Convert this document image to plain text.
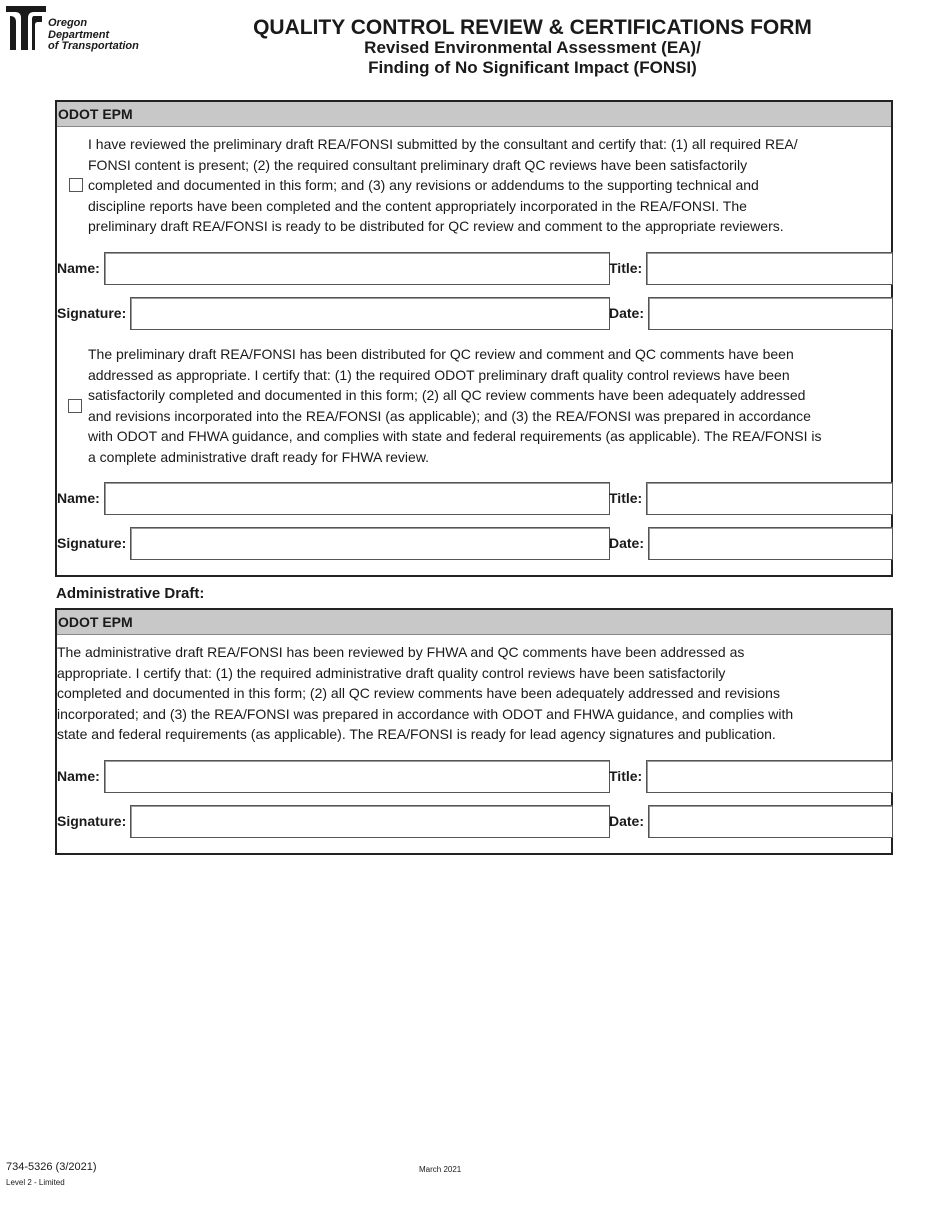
Oregon
Department
of Transportation
QUALITY CONTROL REVIEW & CERTIFICATIONS FORM
Revised Environmental Assessment (EA)/
Finding of No Significant Impact (FONSI)
ODOT EPM
I have reviewed the preliminary draft REA/FONSI submitted by the consultant and certify that: (1) all required REA/
FONSI content is present; (2) the required consultant preliminary draft QC reviews have been satisfactorily
completed and documented in this form; and (3) any revisions or addendums to the supporting technical and
discipline reports have been completed and the content appropriately incorporated in the REA/FONSI. The
preliminary draft REA/FONSI is ready to be distributed for QC review and comment to the appropriate reviewers.
Name:	Title:
Signature:	Date:
The preliminary draft REA/FONSI has been distributed for QC review and comment and QC comments have been
addressed as appropriate. I certify that: (1) the required ODOT preliminary draft quality control reviews have been
satisfactorily completed and documented in this form; (2) all QC review comments have been adequately addressed
and revisions incorporated into the REA/FONSI (as applicable); and (3) the REA/FONSI was prepared in accordance
with ODOT and FHWA guidance, and complies with state and federal requirements (as applicable). The REA/FONSI is
a complete administrative draft ready for FHWA review.
Name:	Title:
Signature:	Date:
Administrative Draft:
ODOT EPM
The administrative draft REA/FONSI has been reviewed by FHWA and QC comments have been addressed as
appropriate. I certify that: (1) the required administrative draft quality control reviews have been satisfactorily
completed and documented in this form; (2) all QC review comments have been adequately addressed and revisions
incorporated; and (3) the REA/FONSI was prepared in accordance with ODOT and FHWA guidance, and complies with
state and federal requirements (as applicable). The REA/FONSI is ready for lead agency signatures and publication.
Name:	Title:
Signature:	Date:
734-5326 (3/2021)
Level 2 - Limited
March 2021
